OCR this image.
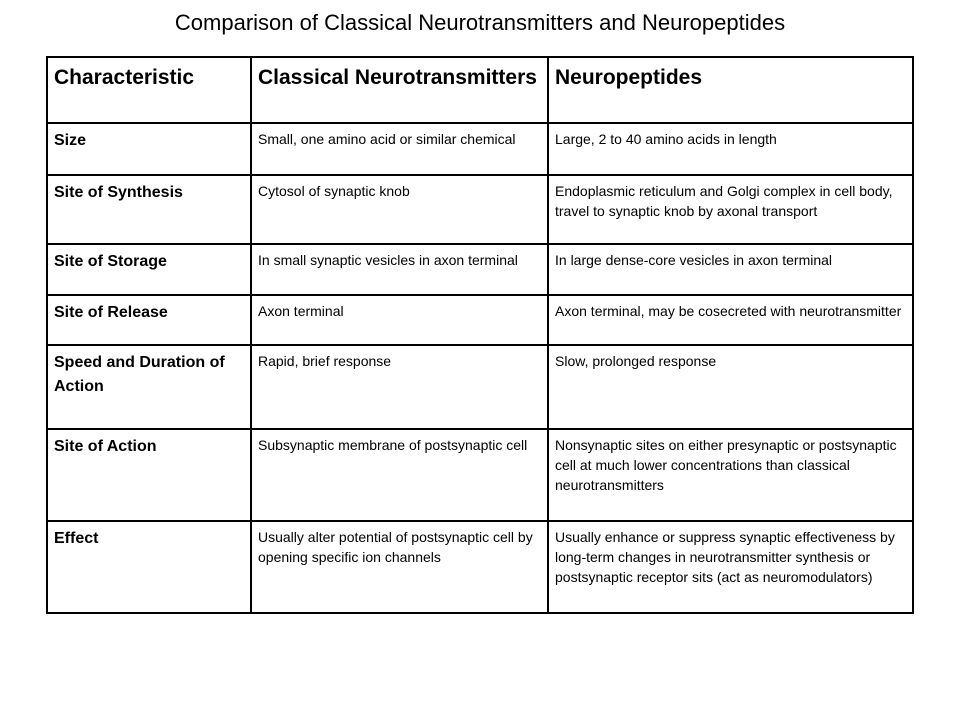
Comparison of Classical Neurotransmitters and Neuropeptides
Characteristic	Classical Neurotransmitters	Neuropeptides
Size	Small, one amino acid or similar chemical	Large, 2 to 40 amino acids in length
Site of Synthesis	Cytosol of synaptic knob	Endoplasmic reticulum and Golgi complex in cell body, travel to synaptic knob by axonal transport
Site of Storage	In small synaptic vesicles in axon terminal	In large dense-core vesicles in axon terminal
Site of Release	Axon terminal	Axon terminal, may be cosecreted with neurotransmitter
Speed and Duration of Action	Rapid, brief response	Slow, prolonged response
Site of Action	Subsynaptic membrane of postsynaptic cell	Nonsynaptic sites on either presynaptic or postsynaptic cell at much lower concentrations than classical neurotransmitters
Effect	Usually alter potential of postsynaptic cell by opening specific ion channels	Usually enhance or suppress synaptic effectiveness by long-term changes in neurotransmitter synthesis or postsynaptic receptor sits (act as neuromodulators)
